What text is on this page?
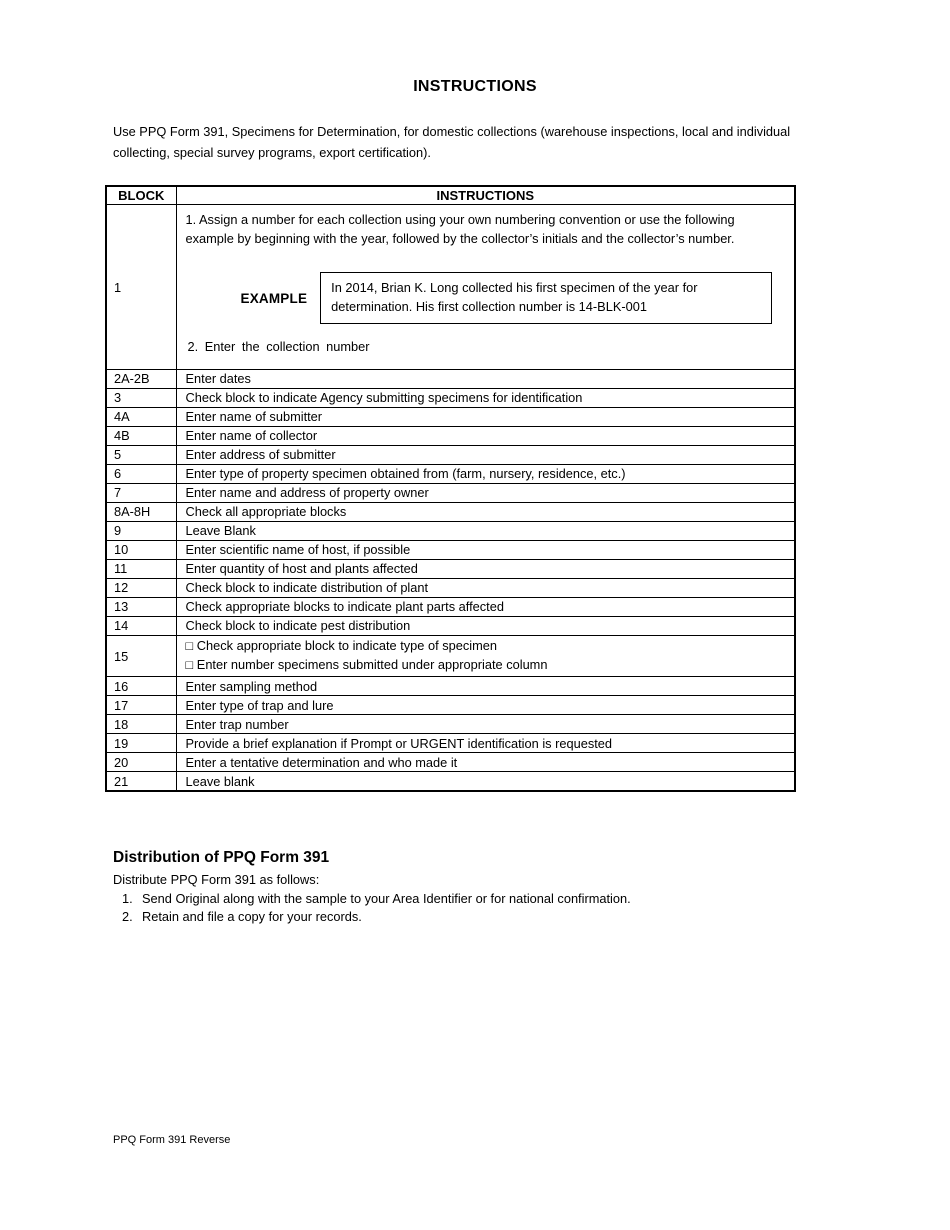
INSTRUCTIONS

Use PPQ Form 391, Specimens for Determination, for domestic collections (warehouse inspections, local and individual collecting, special survey programs, export certification).

BLOCK	INSTRUCTIONS
1	1. Assign a number for each collection using your own numbering convention or use the following example by beginning with the year, followed by the collector’s initials and the collector’s number.

EXAMPLE
In 2014, Brian K. Long collected his first specimen of the year for determination. His first collection number is 14-BLK-001

2. Enter the collection number

2A-2B	Enter dates
3	Check block to indicate Agency submitting specimens for identification
4A	Enter name of submitter
4B	Enter name of collector
5	Enter address of submitter
6	Enter type of property specimen obtained from (farm, nursery, residence, etc.)
7	Enter name and address of property owner
8A-8H	Check all appropriate blocks
9	Leave Blank
10	Enter scientific name of host, if possible
11	Enter quantity of host and plants affected
12	Check block to indicate distribution of plant
13	Check appropriate blocks to indicate plant parts affected
14	Check block to indicate pest distribution
15	□ Check appropriate block to indicate type of specimen
□ Enter number specimens submitted under appropriate column

16	Enter sampling method
17	Enter type of trap and lure
18	Enter trap number
19	Provide a brief explanation if Prompt or URGENT identification is requested
20	Enter a tentative determination and who made it
21	Leave blank
Distribution of PPQ Form 391
Distribute PPQ Form 391 as follows:
1. Send Original along with the sample to your Area Identifier or for national confirmation.
2. Retain and file a copy for your records.
PPQ Form 391 Reverse
